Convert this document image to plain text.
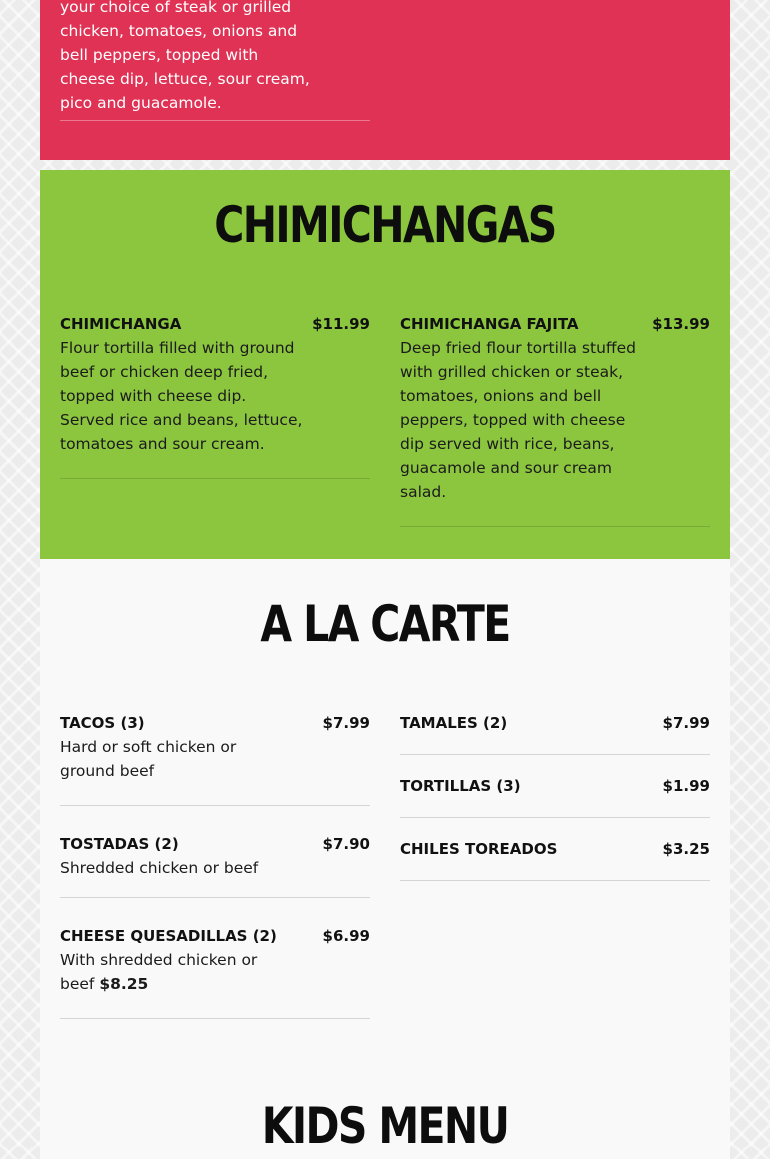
your choice of steak or grilled chicken, tomatoes, onions and bell peppers, topped with cheese dip, lettuce, sour cream, pico and guacamole.

CHIMICHANGAS
CHIMICHANGA	$11.99

Flour tortilla filled with ground beef or chicken deep fried, topped with cheese dip. Served rice and beans, lettuce, tomatoes and sour cream.

CHIMICHANGA FAJITA	$13.99

Deep fried flour tortilla stuffed with grilled chicken or steak, tomatoes, onions and bell peppers, topped with cheese dip served with rice, beans, guacamole and sour cream salad.

A LA CARTE
TACOS (3)	$7.99

Hard or soft chicken or ground beef

TOSTADAS (2)	$7.90

Shredded chicken or beef

CHEESE QUESADILLAS (2)	$6.99

With shredded chicken or beef $8.25

TAMALES (2)	$7.99
TORTILLAS (3)	$1.99
CHILES TOREADOS	$3.25
KIDS MENU
